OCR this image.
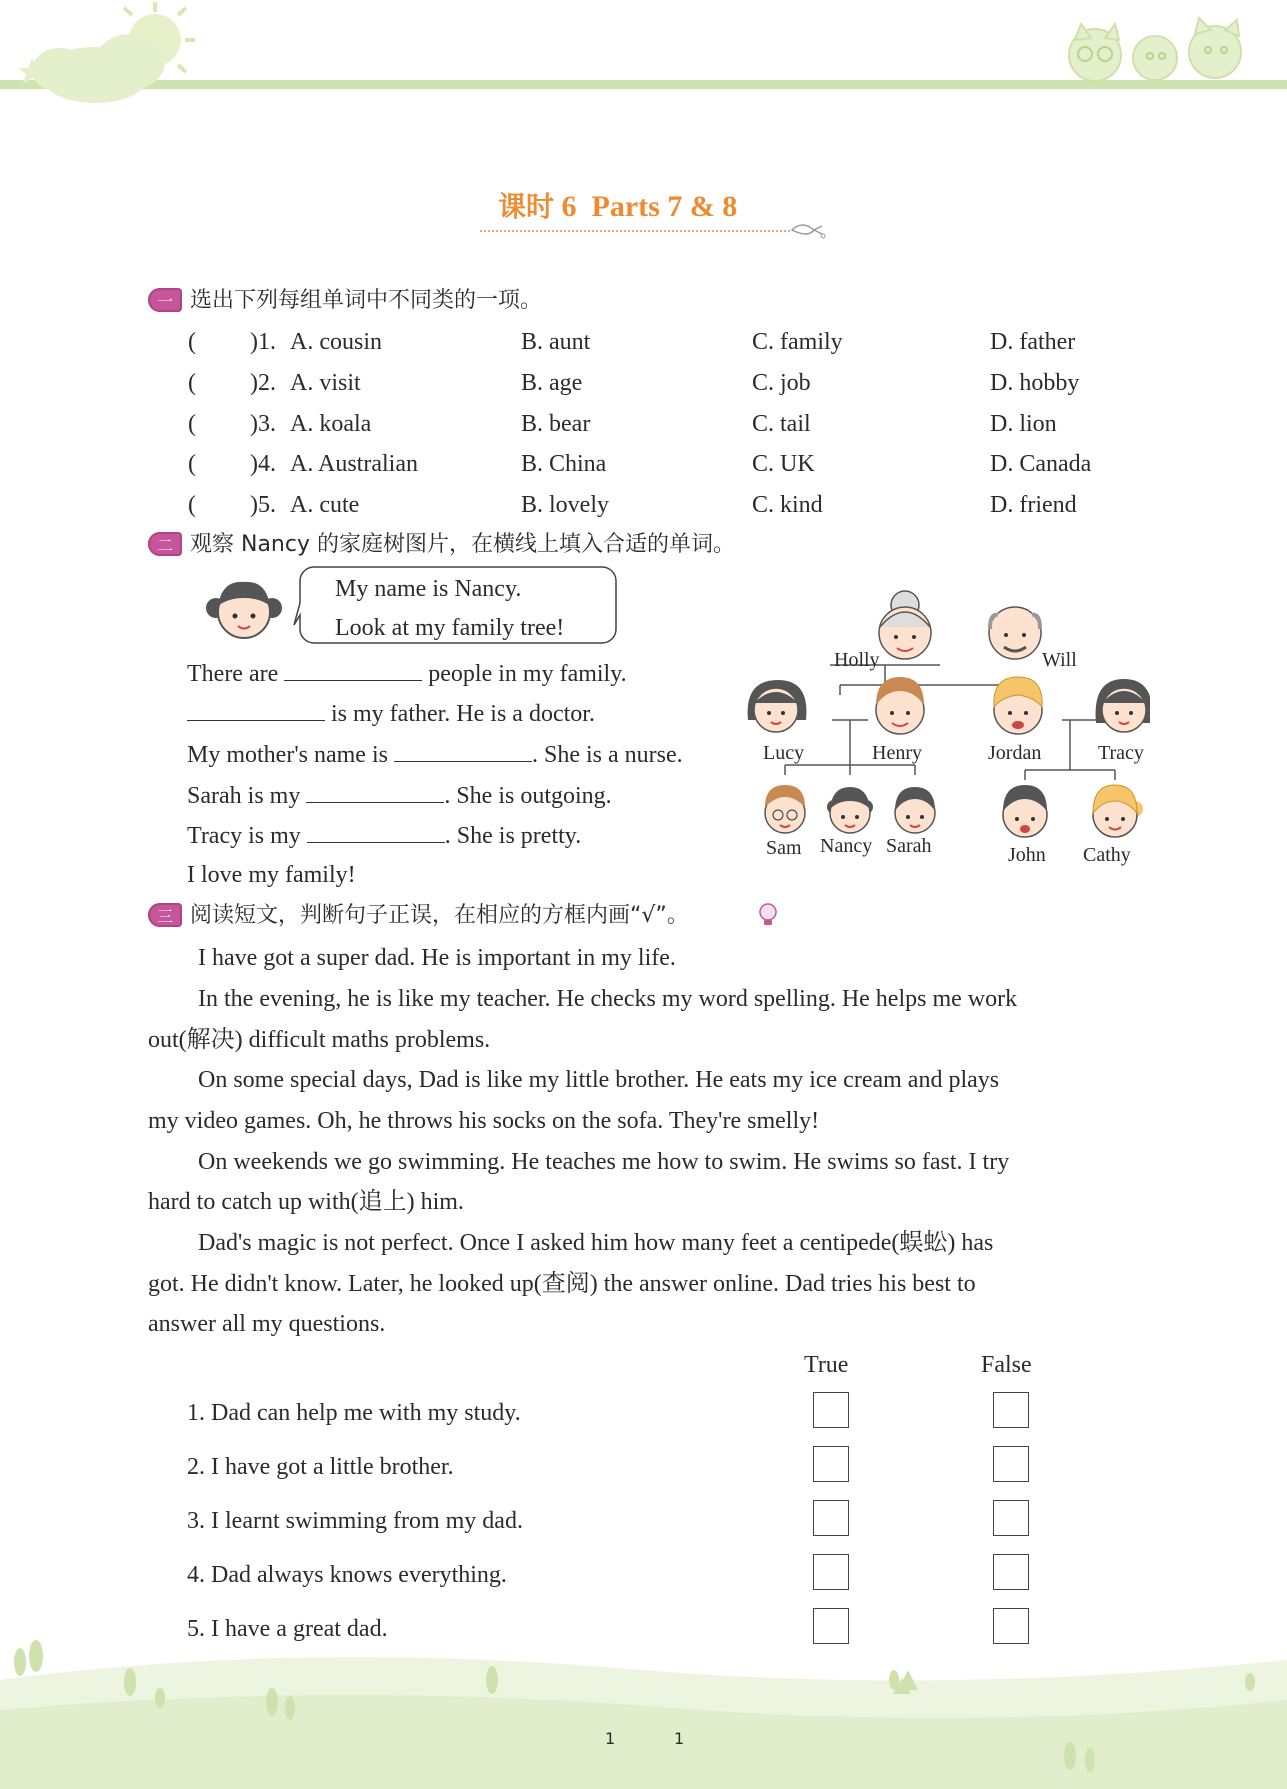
课时 6  Parts 7 & 8
一 选出下列每组单词中不同类的一项。
( )1. A. cousin	B. aunt	C. family	D. father
( )2. A. visit	B. age	C. job	D. hobby
( )3. A. koala	B. bear	C. tail	D. lion
( )4. A. Australian	B. China	C. UK	D. Canada
( )5. A. cute	B. lovely	C. kind	D. friend
二 观察 Nancy 的家庭树图片，在横线上填入合适的单词。
My name is Nancy.
Look at my family tree!
There are	people in my family.
is my father. He is a doctor.
My mother's name is	. She is a nurse.
Sarah is my	. She is outgoing.
Tracy is my	. She is pretty.
I love my family!
Holly	Will
Lucy	Henry	Jordan	Tracy
Sam Nancy Sarah	John Cathy
三 阅读短文，判断句子正误，在相应的方框内画“√”。
I have got a super dad. He is important in my life.
In the evening, he is like my teacher. He checks my word spelling. He helps me work
out(解决) difficult maths problems.
On some special days, Dad is like my little brother. He eats my ice cream and plays
my video games. Oh, he throws his socks on the sofa. They're smelly!
On weekends we go swimming. He teaches me how to swim. He swims so fast. I try
hard to catch up with(追上) him.
Dad's magic is not perfect. Once I asked him how many feet a centipede(蜈蚣) has
got. He didn't know. Later, he looked up(查阅) the answer online. Dad tries his best to
answer all my questions.
True	False
1. Dad can help me with my study.
2. I have got a little brother.
3. I learnt swimming from my dad.
4. Dad always knows everything.
5. I have a great dad.
1	1
